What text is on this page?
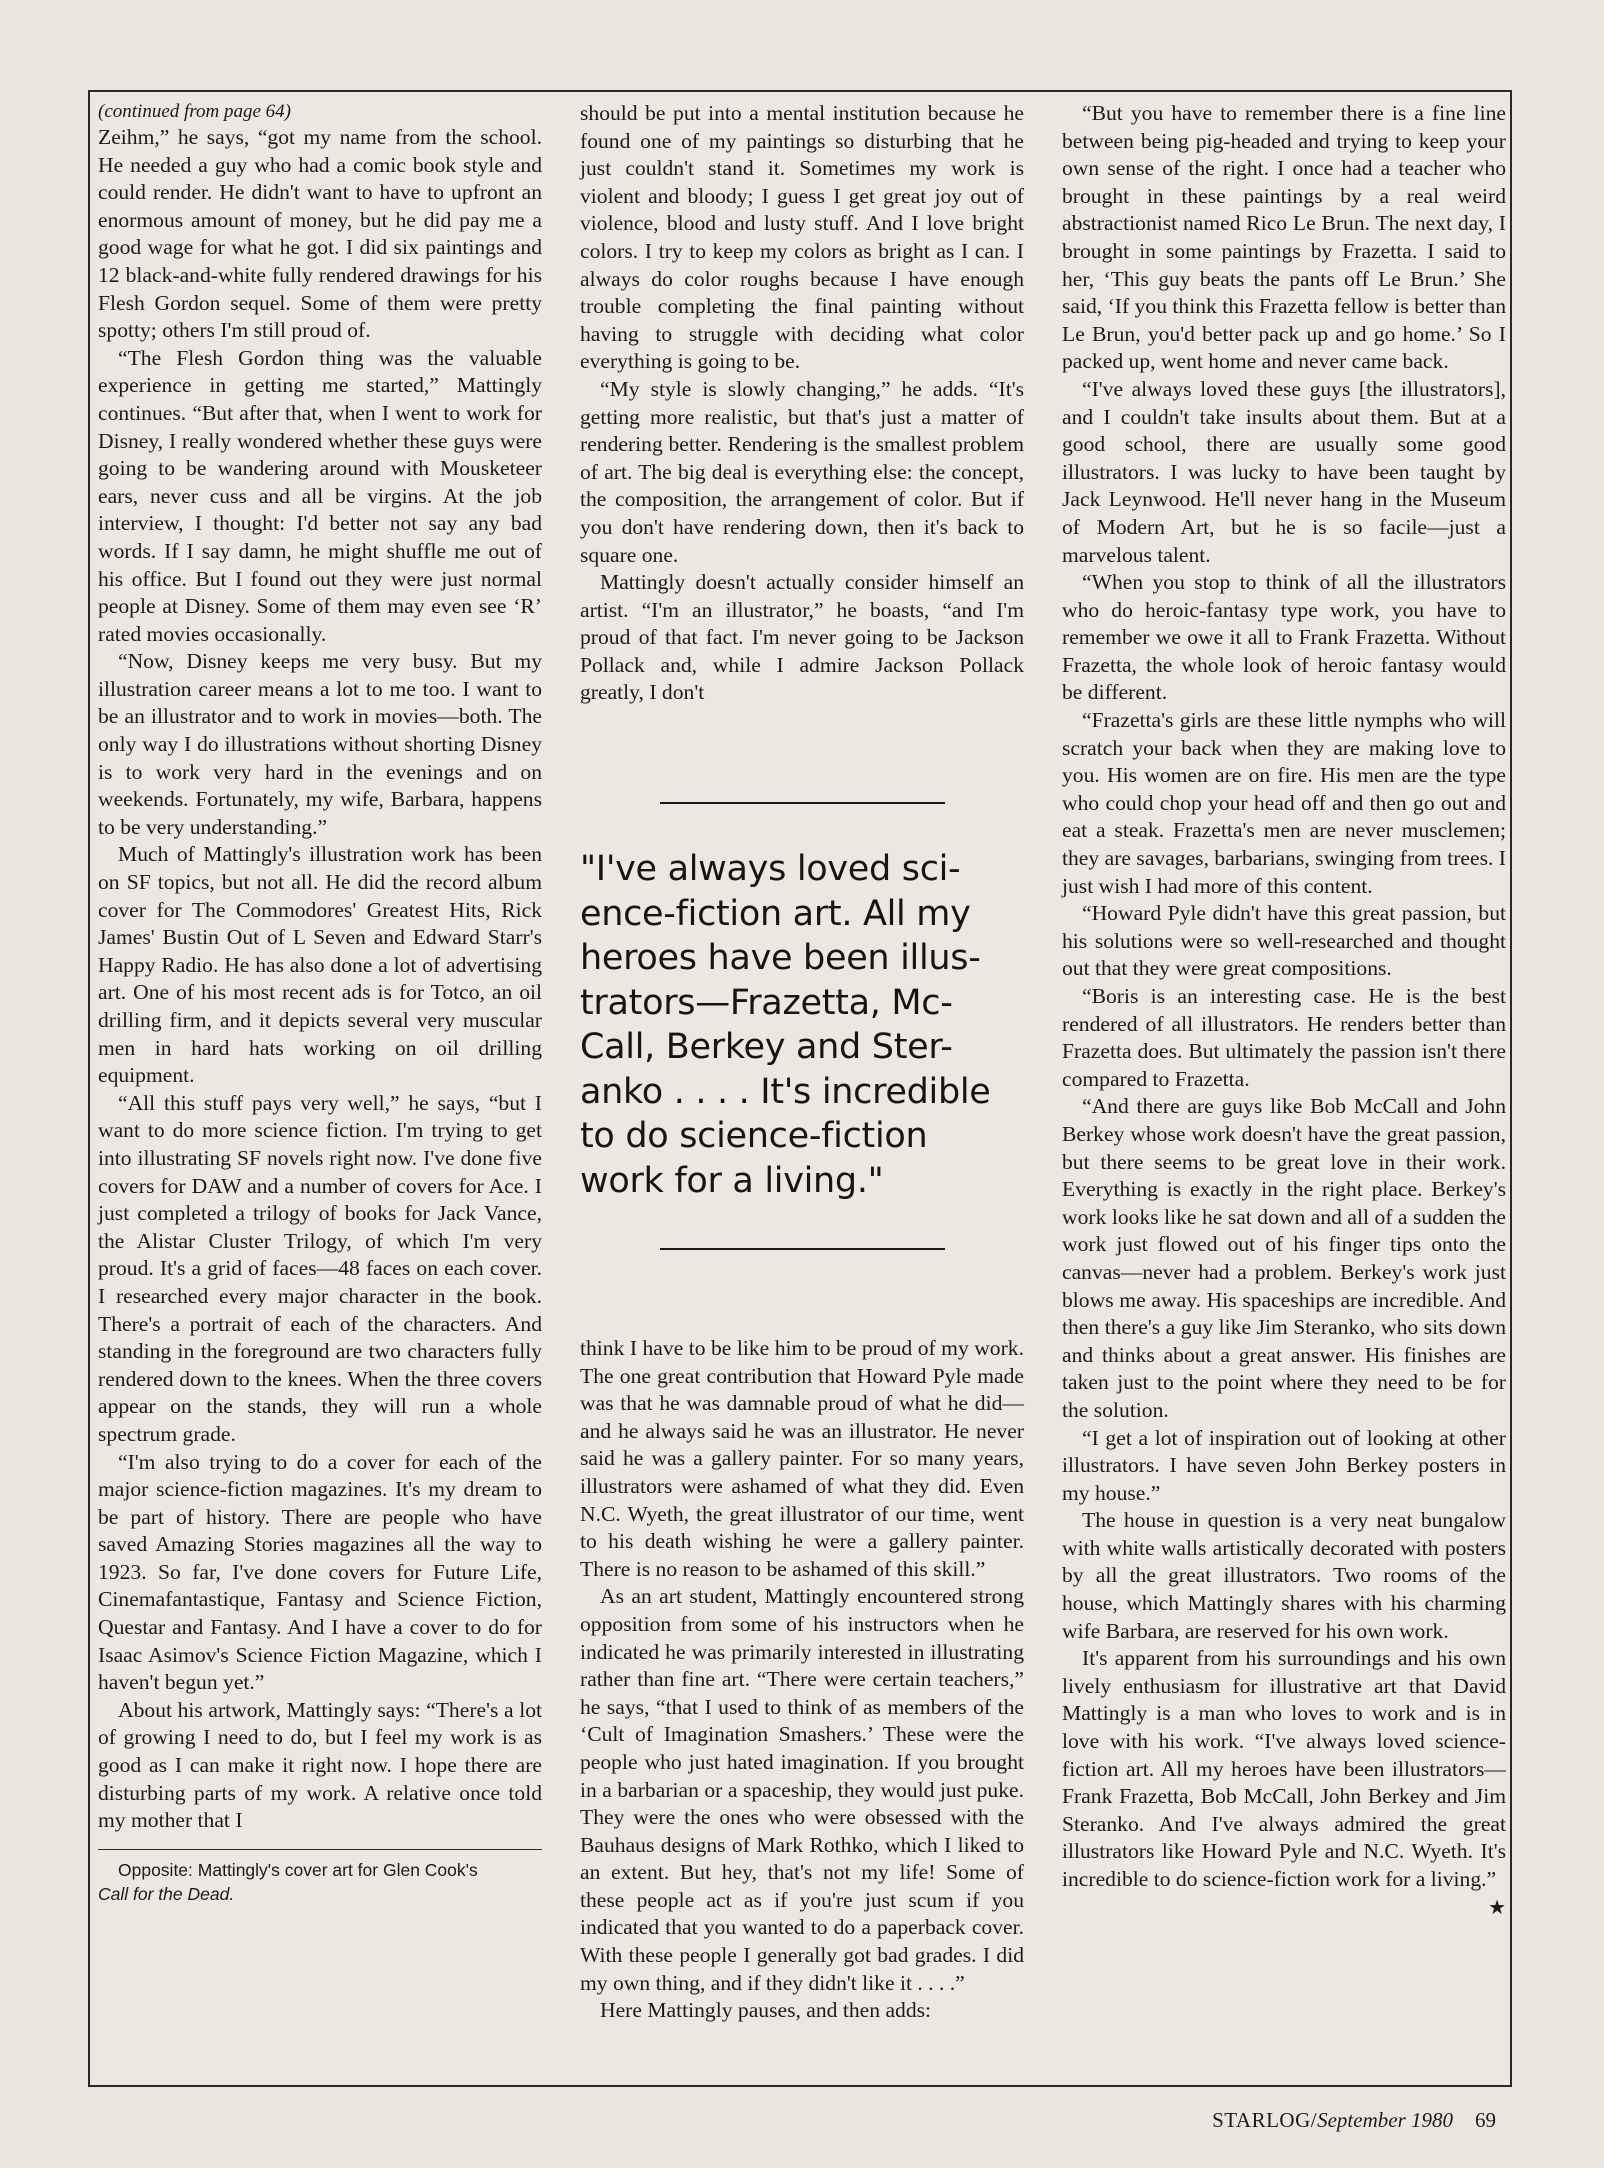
(continued from page 64)

Zeihm,” he says, “got my name from the school. He needed a guy who had a comic book style and could render. He didn't want to have to upfront an enormous amount of money, but he did pay me a good wage for what he got. I did six paintings and 12 black-and-white fully rendered drawings for his Flesh Gordon sequel. Some of them were pretty spotty; others I'm still proud of.

“The Flesh Gordon thing was the valuable experience in getting me started,” Mattingly continues. “But after that, when I went to work for Disney, I really wondered whether these guys were going to be wandering around with Mousketeer ears, never cuss and all be virgins. At the job interview, I thought: I'd better not say any bad words. If I say damn, he might shuffle me out of his office. But I found out they were just normal people at Disney. Some of them may even see ‘R’ rated movies occasionally.

“Now, Disney keeps me very busy. But my illustration career means a lot to me too. I want to be an illustrator and to work in movies—both. The only way I do illustrations without shorting Disney is to work very hard in the evenings and on weekends. Fortunately, my wife, Barbara, happens to be very understanding.”

Much of Mattingly's illustration work has been on SF topics, but not all. He did the record album cover for The Commodores' Greatest Hits, Rick James' Bustin Out of L Seven and Edward Starr's Happy Radio. He has also done a lot of advertising art. One of his most recent ads is for Totco, an oil drilling firm, and it depicts several very muscular men in hard hats working on oil drilling equipment.

“All this stuff pays very well,” he says, “but I want to do more science fiction. I'm trying to get into illustrating SF novels right now. I've done five covers for DAW and a number of covers for Ace. I just completed a trilogy of books for Jack Vance, the Alistar Cluster Trilogy, of which I'm very proud. It's a grid of faces—48 faces on each cover. I researched every major character in the book. There's a portrait of each of the characters. And standing in the foreground are two characters fully rendered down to the knees. When the three covers appear on the stands, they will run a whole spectrum grade.

“I'm also trying to do a cover for each of the major science-fiction magazines. It's my dream to be part of history. There are people who have saved Amazing Stories magazines all the way to 1923. So far, I've done covers for Future Life, Cinemafantastique, Fantasy and Science Fiction, Questar and Fantasy. And I have a cover to do for Isaac Asimov's Science Fiction Magazine, which I haven't begun yet.”

About his artwork, Mattingly says: “There's a lot of growing I need to do, but I feel my work is as good as I can make it right now. I hope there are disturbing parts of my work. A relative once told my mother that I

Opposite: Mattingly's cover art for Glen Cook's
Call for the Dead.

should be put into a mental institution because he found one of my paintings so disturbing that he just couldn't stand it. Sometimes my work is violent and bloody; I guess I get great joy out of violence, blood and lusty stuff. And I love bright colors. I try to keep my colors as bright as I can. I always do color roughs because I have enough trouble completing the final painting without having to struggle with deciding what color everything is going to be.

“My style is slowly changing,” he adds. “It's getting more realistic, but that's just a matter of rendering better. Rendering is the smallest problem of art. The big deal is everything else: the concept, the composition, the arrangement of color. But if you don't have rendering down, then it's back to square one.

Mattingly doesn't actually consider himself an artist. “I'm an illustrator,” he boasts, “and I'm proud of that fact. I'm never going to be Jackson Pollack and, while I admire Jackson Pollack greatly, I don't

"I've always loved sci-
ence-fiction art. All my
heroes have been illus-
trators—Frazetta, Mc-
Call, Berkey and Ster-
anko . . . . It's incredible
to do science-fiction
work for a living."

think I have to be like him to be proud of my work. The one great contribution that Howard Pyle made was that he was damnable proud of what he did—and he always said he was an illustrator. He never said he was a gallery painter. For so many years, illustrators were ashamed of what they did. Even N.C. Wyeth, the great illustrator of our time, went to his death wishing he were a gallery painter. There is no reason to be ashamed of this skill.”

As an art student, Mattingly encountered strong opposition from some of his instructors when he indicated he was primarily interested in illustrating rather than fine art. “There were certain teachers,” he says, “that I used to think of as members of the ‘Cult of Imagination Smashers.’ These were the people who just hated imagination. If you brought in a barbarian or a spaceship, they would just puke. They were the ones who were obsessed with the Bauhaus designs of Mark Rothko, which I liked to an extent. But hey, that's not my life! Some of these people act as if you're just scum if you indicated that you wanted to do a paperback cover. With these people I generally got bad grades. I did my own thing, and if they didn't like it . . . .”

Here Mattingly pauses, and then adds:

“But you have to remember there is a fine line between being pig-headed and trying to keep your own sense of the right. I once had a teacher who brought in these paintings by a real weird abstractionist named Rico Le Brun. The next day, I brought in some paintings by Frazetta. I said to her, ‘This guy beats the pants off Le Brun.’ She said, ‘If you think this Frazetta fellow is better than Le Brun, you'd better pack up and go home.’ So I packed up, went home and never came back.

“I've always loved these guys [the illustrators], and I couldn't take insults about them. But at a good school, there are usually some good illustrators. I was lucky to have been taught by Jack Leynwood. He'll never hang in the Museum of Modern Art, but he is so facile—just a marvelous talent.

“When you stop to think of all the illustrators who do heroic-fantasy type work, you have to remember we owe it all to Frank Frazetta. Without Frazetta, the whole look of heroic fantasy would be different.

“Frazetta's girls are these little nymphs who will scratch your back when they are making love to you. His women are on fire. His men are the type who could chop your head off and then go out and eat a steak. Frazetta's men are never musclemen; they are savages, barbarians, swinging from trees. I just wish I had more of this content.

“Howard Pyle didn't have this great passion, but his solutions were so well-researched and thought out that they were great compositions.

“Boris is an interesting case. He is the best rendered of all illustrators. He renders better than Frazetta does. But ultimately the passion isn't there compared to Frazetta.

“And there are guys like Bob McCall and John Berkey whose work doesn't have the great passion, but there seems to be great love in their work. Everything is exactly in the right place. Berkey's work looks like he sat down and all of a sudden the work just flowed out of his finger tips onto the canvas—never had a problem. Berkey's work just blows me away. His spaceships are incredible. And then there's a guy like Jim Steranko, who sits down and thinks about a great answer. His finishes are taken just to the point where they need to be for the solution.

“I get a lot of inspiration out of looking at other illustrators. I have seven John Berkey posters in my house.”

The house in question is a very neat bungalow with white walls artistically decorated with posters by all the great illustrators. Two rooms of the house, which Mattingly shares with his charming wife Barbara, are reserved for his own work.

It's apparent from his surroundings and his own lively enthusiasm for illustrative art that David Mattingly is a man who loves to work and is in love with his work. “I've always loved science-fiction art. All my heroes have been illustrators—Frank Frazetta, Bob McCall, John Berkey and Jim Steranko. And I've always admired the great illustrators like Howard Pyle and N.C. Wyeth. It's incredible to do science-fiction work for a living.”
★

STARLOG/September 1980 69
